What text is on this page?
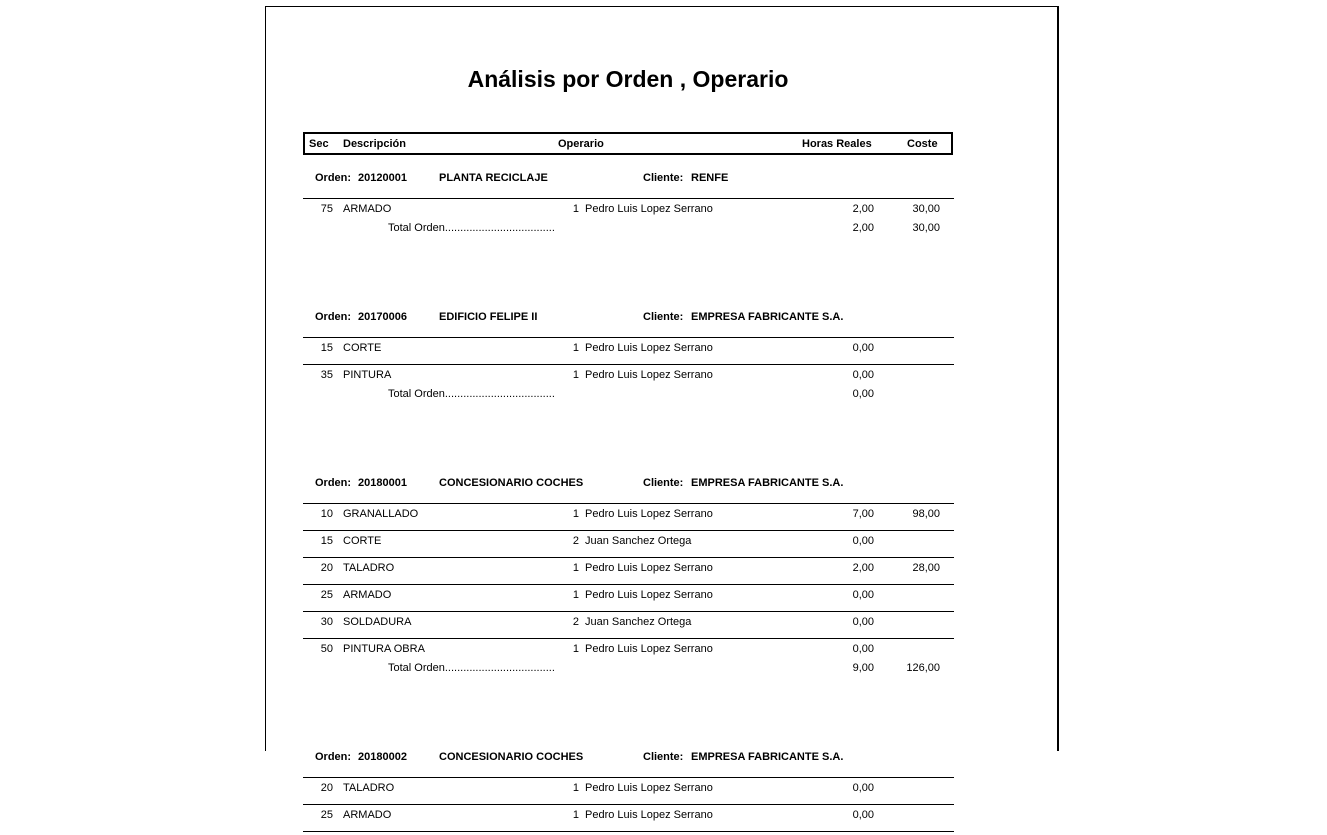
Análisis por Orden , Operario
Sec Descripción	Operario	Horas Reales	Coste
Orden: 20120001	PLANTA RECICLAJE	Cliente: RENFE
75 ARMADO	1 Pedro Luis Lopez Serrano	2,00	30,00
Total Orden....................................	2,00	30,00
Orden: 20170006	EDIFICIO FELIPE II	Cliente: EMPRESA FABRICANTE S.A.
15 CORTE	1 Pedro Luis Lopez Serrano	0,00
35 PINTURA	1 Pedro Luis Lopez Serrano	0,00
Total Orden....................................	0,00
Orden: 20180001	CONCESIONARIO COCHES	Cliente: EMPRESA FABRICANTE S.A.
10 GRANALLADO	1 Pedro Luis Lopez Serrano	7,00	98,00
15 CORTE	2 Juan Sanchez Ortega	0,00
20 TALADRO	1 Pedro Luis Lopez Serrano	2,00	28,00
25 ARMADO	1 Pedro Luis Lopez Serrano	0,00
30 SOLDADURA	2 Juan Sanchez Ortega	0,00
50 PINTURA OBRA	1 Pedro Luis Lopez Serrano	0,00
Total Orden....................................	9,00	126,00
Orden: 20180002	CONCESIONARIO COCHES	Cliente: EMPRESA FABRICANTE S.A.
20 TALADRO	1 Pedro Luis Lopez Serrano	0,00
25 ARMADO	1 Pedro Luis Lopez Serrano	0,00
